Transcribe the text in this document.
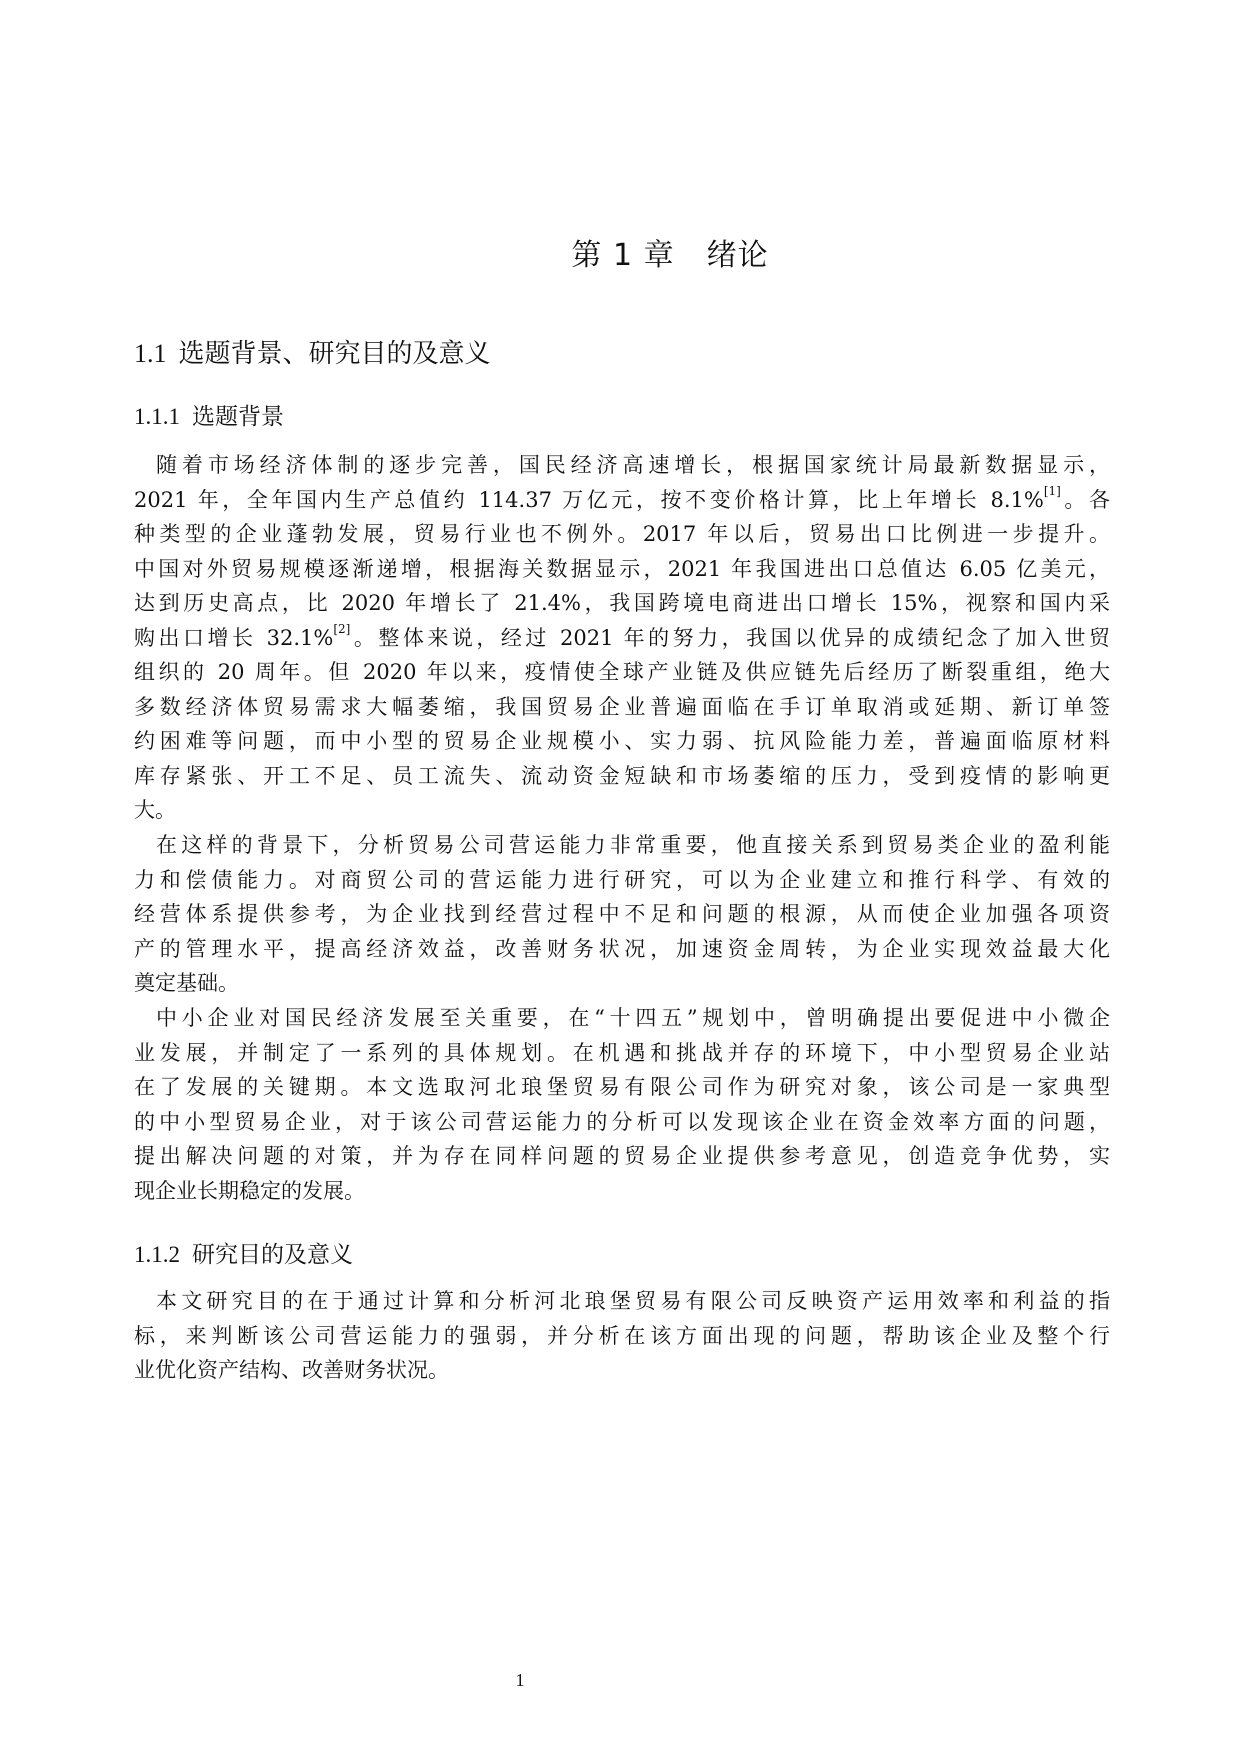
第 1 章 绪论
1.1 选题背景、研究目的及意义
1.1.1 选题背景
随着市场经济体制的逐步完善，国民经济高速增长，根据国家统计局最新数据显示，
2021 年，全年国内生产总值约 114.37 万亿元，按不变价格计算，比上年增长 8.1%[1]。各
种类型的企业蓬勃发展，贸易行业也不例外。2017 年以后，贸易出口比例进一步提升。
中国对外贸易规模逐渐递增，根据海关数据显示，2021 年我国进出口总值达 6.05 亿美元，
达到历史高点，比 2020 年增长了 21.4%，我国跨境电商进出口增长 15%，视察和国内采
购出口增长 32.1%[2]。整体来说，经过 2021 年的努力，我国以优异的成绩纪念了加入世贸
组织的 20 周年。但 2020 年以来，疫情使全球产业链及供应链先后经历了断裂重组，绝大
多数经济体贸易需求大幅萎缩，我国贸易企业普遍面临在手订单取消或延期、新订单签
约困难等问题，而中小型的贸易企业规模小、实力弱、抗风险能力差，普遍面临原材料
库存紧张、开工不足、员工流失、流动资金短缺和市场萎缩的压力，受到疫情的影响更
大。
在这样的背景下，分析贸易公司营运能力非常重要，他直接关系到贸易类企业的盈利能
力和偿债能力。对商贸公司的营运能力进行研究，可以为企业建立和推行科学、有效的
经营体系提供参考，为企业找到经营过程中不足和问题的根源，从而使企业加强各项资
产的管理水平，提高经济效益，改善财务状况，加速资金周转，为企业实现效益最大化
奠定基础。
中小企业对国民经济发展至关重要，在“十四五”规划中，曾明确提出要促进中小微企
业发展，并制定了一系列的具体规划。在机遇和挑战并存的环境下，中小型贸易企业站
在了发展的关键期。本文选取河北琅堡贸易有限公司作为研究对象，该公司是一家典型
的中小型贸易企业，对于该公司营运能力的分析可以发现该企业在资金效率方面的问题，
提出解决问题的对策，并为存在同样问题的贸易企业提供参考意见，创造竞争优势，实
现企业长期稳定的发展。
1.1.2 研究目的及意义
本文研究目的在于通过计算和分析河北琅堡贸易有限公司反映资产运用效率和利益的指
标，来判断该公司营运能力的强弱，并分析在该方面出现的问题，帮助该企业及整个行
业优化资产结构、改善财务状况。
1
